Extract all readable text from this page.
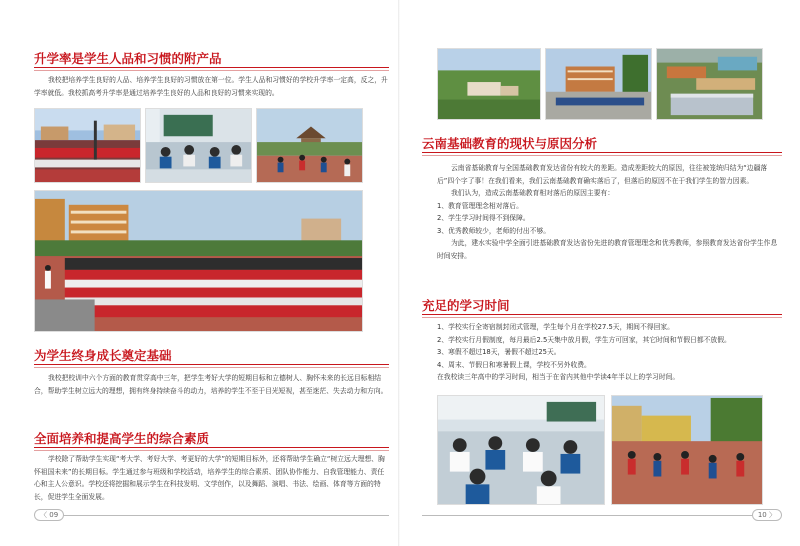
升学率是学生人品和习惯的附产品

我校把培养学生良好的人品、培养学生良好的习惯放在第一位。学生人品和习惯好的学校升学率一定高，反之，升学率就低。我校抓高考升学率是通过培养学生良好的人品和良好的习惯来实现的。

为学生终身成长奠定基础

我校把校训中六个方面的教育贯穿高中三年，把学生考好大学的短期目标和立德树人、胸怀未来的长远目标相结合，帮助学生树立远大的理想，拥有终身持续奋斗的动力，培养的学生不至于目光短视，甚至迷茫、失去动力和方向。

全面培养和提高学生的综合素质

学校除了帮助学生实现“考大学、考好大学、考更好的大学”的短期目标外，还将帮助学生确立“树立远大理想、胸怀祖国未来”的长期目标。学生通过参与班级和学校活动，培养学生的综合素质、团队协作能力、自我管理能力、责任心和主人公意识。学校还将挖掘和展示学生在科技发明、文学创作，以及舞蹈、演唱、书法、绘画、体育等方面的特长，促进学生全面发展。

〈 09
云南基础教育的现状与原因分析

云南省基础教育与全国基础教育发达省份有较大的差距。造成差距较大的原因，往往被笼统归结为“边疆落后”四个字了事！在我们看来，我们云南基础教育确实落后了，但落后的原因不在于我们学生的智力因素。

我们认为，造成云南基础教育相对落后的原因主要有：

1、教育管理理念相对落后。

2、学生学习时间得不到保障。

3、优秀教师较少，老师的付出不够。

为此，建水实验中学全面引进基础教育发达省份先进的教育管理理念和优秀教师，参照教育发达省份学生作息时间安排。

充足的学习时间

1、学校实行全寄宿制封闭式管理，学生每个月在学校27.5天，期间不得回家。

2、学校实行月假制度，每月最后2.5天集中放月假，学生方可回家，其它时间和节假日都不放假。

3、寒假不超过18天，暑假不超过25天。

4、周末、节假日和寒暑假上课，学校不另外收费。

在我校读三年高中的学习时间，相当于在省内其他中学读4年半以上的学习时间。

10 〉
